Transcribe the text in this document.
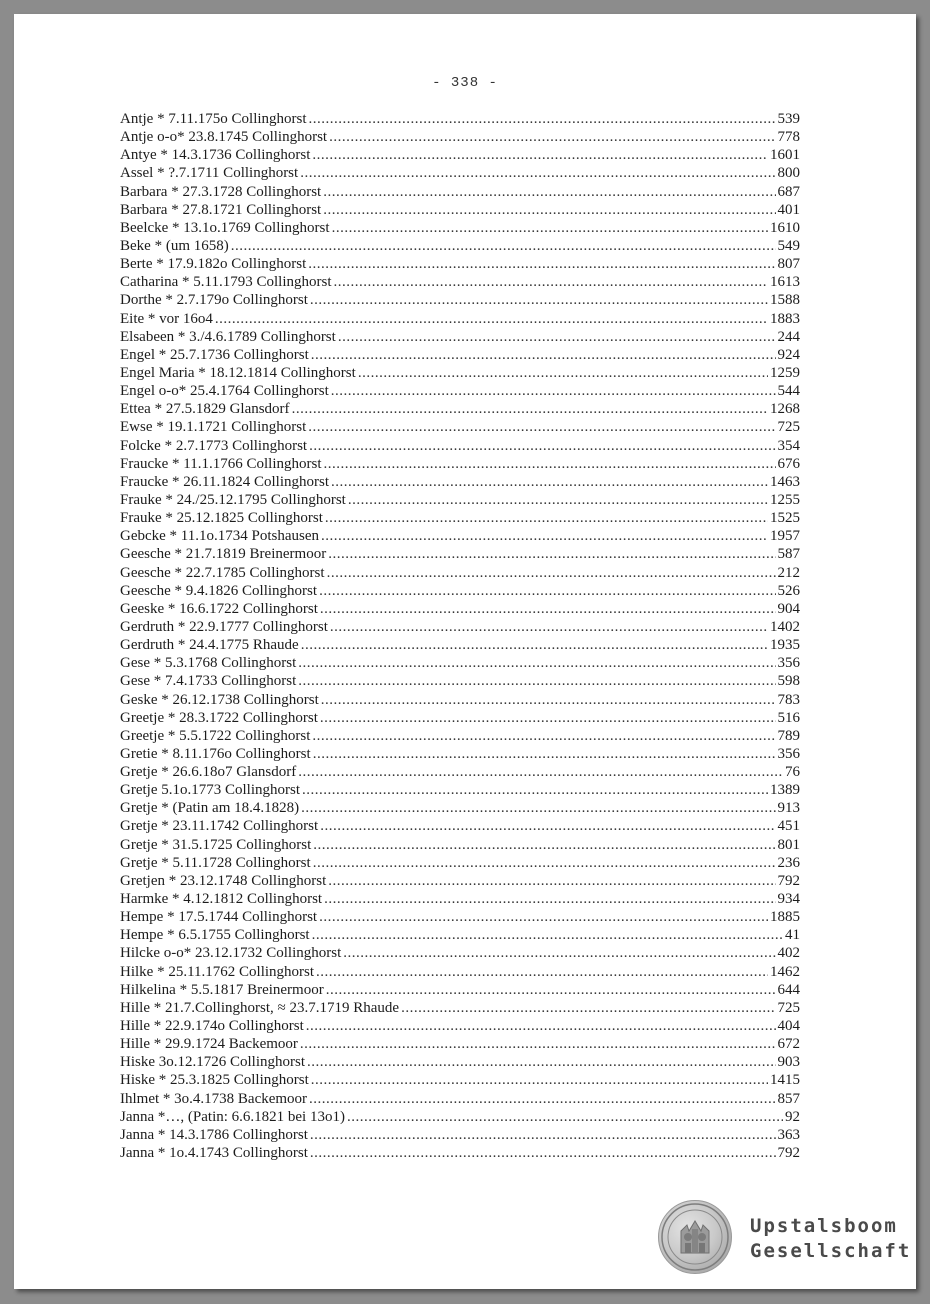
- 338 -
Antje * 7.11.175o Collinghorst .....	539
Antje o-o* 23.8.1745 Collinghorst .....	778
Antye * 14.3.1736 Collinghorst .....	1601
Assel * ?.7.1711 Collinghorst .....	800
Barbara * 27.3.1728 Collinghorst .....	687
Barbara * 27.8.1721 Collinghorst .....	401
Beelcke * 13.1o.1769 Collinghorst .....	1610
Beke * (um 1658) .....	549
Berte * 17.9.182o Collinghorst .....	807
Catharina * 5.11.1793 Collinghorst .....	1613
Dorthe * 2.7.179o Collinghorst .....	1588
Eite * vor 16o4 .....	1883
Elsabeen * 3./4.6.1789 Collinghorst .....	244
Engel * 25.7.1736 Collinghorst .....	924
Engel Maria * 18.12.1814 Collinghorst .....	1259
Engel o-o* 25.4.1764 Collinghorst .....	544
Ettea * 27.5.1829 Glansdorf .....	1268
Ewse * 19.1.1721 Collinghorst .....	725
Folcke * 2.7.1773 Collinghorst .....	354
Fraucke * 11.1.1766 Collinghorst .....	676
Fraucke * 26.11.1824 Collinghorst .....	1463
Frauke * 24./25.12.1795 Collinghorst .....	1255
Frauke * 25.12.1825 Collinghorst .....	1525
Gebcke * 11.1o.1734 Potshausen .....	1957
Geesche * 21.7.1819 Breinermoor .....	587
Geesche * 22.7.1785 Collinghorst .....	212
Geesche * 9.4.1826 Collinghorst .....	526
Geeske * 16.6.1722 Collinghorst .....	904
Gerdruth * 22.9.1777 Collinghorst .....	1402
Gerdruth * 24.4.1775 Rhaude .....	1935
Gese * 5.3.1768 Collinghorst .....	356
Gese * 7.4.1733 Collinghorst .....	598
Geske * 26.12.1738 Collinghorst .....	783
Greetje * 28.3.1722 Collinghorst .....	516
Greetje * 5.5.1722 Collinghorst .....	789
Gretie * 8.11.176o Collinghorst .....	356
Gretje * 26.6.18o7 Glansdorf .....	76
Gretje 5.1o.1773 Collinghorst .....	1389
Gretje * (Patin am 18.4.1828) .....	913
Gretje * 23.11.1742 Collinghorst .....	451
Gretje * 31.5.1725 Collinghorst .....	801
Gretje * 5.11.1728 Collinghorst .....	236
Gretjen * 23.12.1748 Collinghorst .....	792
Harmke * 4.12.1812 Collinghorst .....	934
Hempe * 17.5.1744 Collinghorst .....	1885
Hempe * 6.5.1755 Collinghorst .....	41
Hilcke o-o* 23.12.1732 Collinghorst .....	402
Hilke * 25.11.1762 Collinghorst .....	1462
Hilkelina * 5.5.1817 Breinermoor .....	644
Hille * 21.7.Collinghorst, ≈ 23.7.1719 Rhaude .....	725
Hille * 22.9.174o Collinghorst .....	404
Hille * 29.9.1724 Backemoor .....	672
Hiske 3o.12.1726 Collinghorst .....	903
Hiske * 25.3.1825 Collinghorst .....	1415
Ihlmet * 3o.4.1738 Backemoor .....	857
Janna *…, (Patin: 6.6.1821 bei 13o1) .....	92
Janna * 14.3.1786 Collinghorst .....	363
Janna * 1o.4.1743 Collinghorst .....	792
Upstalsboom
Gesellschaft
